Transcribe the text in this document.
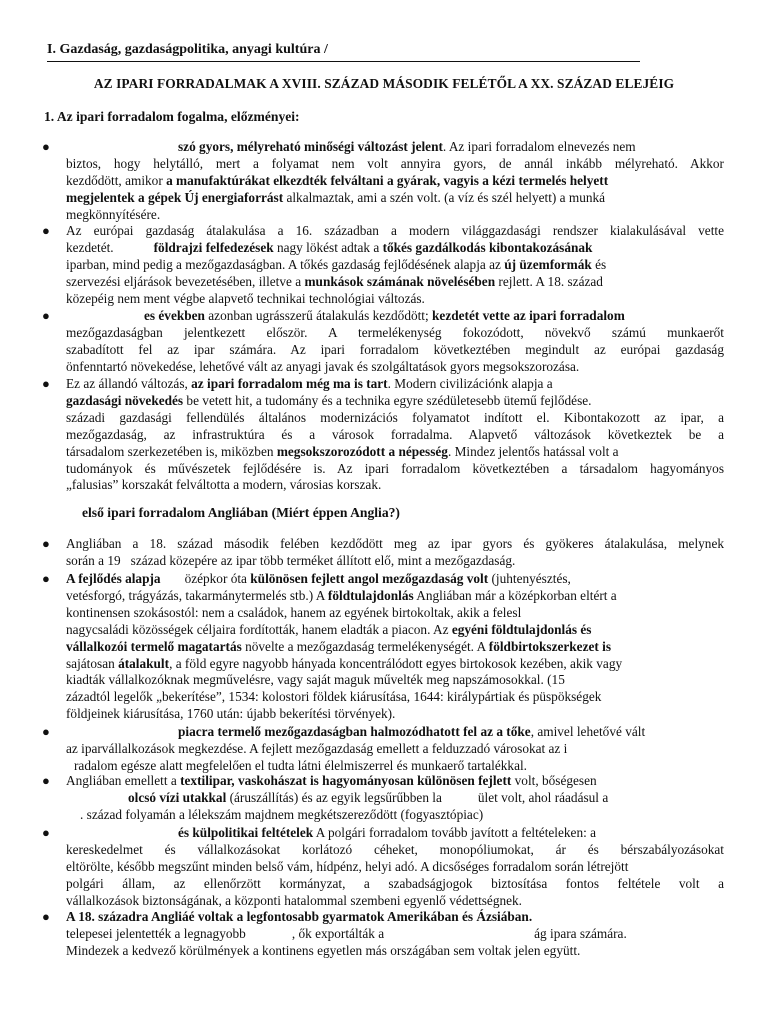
I. Gazdaság, gazdaságpolitika, anyagi kultúra /
AZ IPARI FORRADALMAK A XVIII. SZÁZAD MÁSODIK FELÉTŐL A XX. SZÁZAD ELEJÉIG
1. Az ipari forradalom fogalma, előzményei:
●	szó gyors, mélyreható minőségi változást jelent. Az ipari forradalom elnevezés nem
biztos, hogy helytálló, mert a folyamat nem volt annyira gyors, de annál inkább mélyreható. Akkor
kezdődött, amikor a manufaktúrákat elkezdték felváltani a gyárak, vagyis a kézi termelés helyett
megjelentek a gépek Új energiaforrást alkalmaztak, ami a szén volt. (a víz és szél helyett) a munká
megkönnyítésére.
● Az európai gazdaság átalakulása a 16. században a modern világgazdasági rendszer kialakulásával vette
kezdetét.	földrajzi felfedezések nagy lökést adtak a tőkés gazdálkodás kibontakozásának
iparban, mind pedig a mezőgazdaságban. A tőkés gazdaság fejlődésének alapja az új üzemformák és
szervezési eljárások bevezetésében, illetve a munkások számának növelésében rejlett. A 18. század
közepéig nem ment végbe alapvető technikai technológiai változás.
●	es években azonban ugrásszerű átalakulás kezdődött; kezdetét vette az ipari forradalom
mezőgazdaságban jelentkezett először. A termelékenység fokozódott, növekvő számú munkaerőt
szabadított fel az ipar számára. Az ipari forradalom következtében megindult az európai gazdaság
önfenntartó növekedése, lehetővé vált az anyagi javak és szolgáltatások gyors megsokszorozása.
● Ez az állandó változás, az ipari forradalom még ma is tart. Modern civilizációnk alapja a
gazdasági növekedés be vetett hit, a tudomány és a technika egyre szédületesebb ütemű fejlődése.
századi gazdasági fellendülés általános modernizációs folyamatot indított el. Kibontakozott az ipar, a
mezőgazdaság, az infrastruktúra és a városok forradalma. Alapvető változások következtek be a
társadalom szerkezetében is, miközben megsokszorozódott a népesség. Mindez jelentős hatással volt a
tudományok és művészetek fejlődésére is. Az ipari forradalom következtében a társadalom hagyományos
„falusias” korszakát felváltotta a modern, városias korszak.
első ipari forradalom Angliában (Miért éppen Anglia?)
● Angliában a 18. század második felében kezdődött meg az ipar gyors és gyökeres átalakulása, melynek
során a 19 század közepére az ipar több terméket állított elő, mint a mezőgazdaság.
● A fejlődés alapja özépkor óta különösen fejlett angol mezőgazdaság volt (juhtenyésztés,
vetésforgó, trágyázás, takarmánytermelés stb.) A földtulajdonlás Angliában már a középkorban eltért a
kontinensen szokásostól: nem a családok, hanem az egyének birtokoltak, akik a felesl
nagycsaládi közösségek céljaira fordították, hanem eladták a piacon. Az egyéni földtulajdonlás és
vállalkozói termelő magatartás növelte a mezőgazdaság termelékenységét. A földbirtokszerkezet is
sajátosan átalakult, a föld egyre nagyobb hányada koncentrálódott egyes birtokosok kezében, akik vagy
kiadták vállalkozóknak megművelésre, vagy saját maguk művelték meg napszámosokkal. (15
zázadtól legelők „bekerítése”, 1534: kolostori földek kiárusítása, 1644: királypártiak és püspökségek
földjeinek kiárusítása, 1760 után: újabb bekerítési törvények).
●	piacra termelő mezőgazdaságban halmozódhatott fel az a tőke, amivel lehetővé vált
az iparvállalkozások megkezdése. A fejlett mezőgazdaság emellett a felduzzadó városokat az i
radalom egésze alatt megfelelően el tudta látni élelmiszerrel és munkaerő tartalékkal.
● Angliában emellett a textilipar, vaskohászat is hagyományosan különösen fejlett volt, bőségesen
olcsó vízi utakkal (áruszállítás) és az egyik legsűrűbben la	ület volt, ahol ráadásul a
. század folyamán a lélekszám majdnem megkétszereződött (fogyasztópiac)
●	és külpolitikai feltételek A polgári forradalom tovább javított a feltételeken: a
kereskedelmet és vállalkozásokat korlátozó céheket, monopóliumokat, ár és bérszabályozásokat
eltörölte, később megszűnt minden belső vám, hídpénz, helyi adó. A dicsőséges forradalom során létrejött
polgári állam, az ellenőrzött kormányzat, a szabadságjogok biztosítása fontos feltétele volt a
vállalkozások biztonságának, a központi hatalommal szembeni egyenlő védettségnek.
● A 18. századra Angliáé voltak a legfontosabb gyarmatok Amerikában és Ázsiában.
telepesei jelentették a legnagyobb	, ők exportálták a	ág ipara számára.
Mindezek a kedvező körülmények a kontinens egyetlen más országában sem voltak jelen együtt.
